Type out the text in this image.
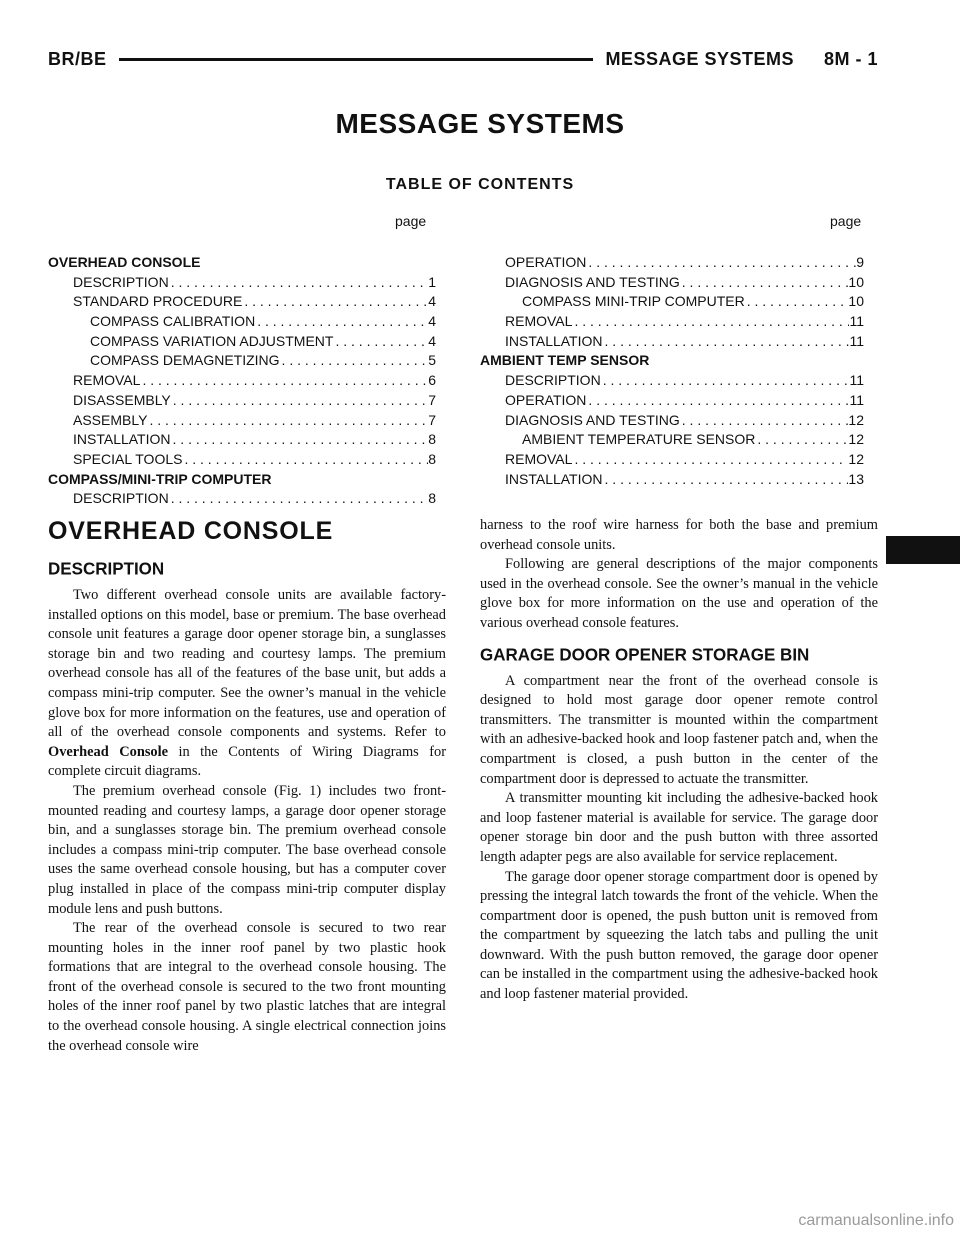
BR/BE	MESSAGE SYSTEMS 8M - 1
MESSAGE SYSTEMS
TABLE OF CONTENTS
page	page
OVERHEAD CONSOLE
DESCRIPTION . . .	1
STANDARD PROCEDURE . . .	4
COMPASS CALIBRATION . . .	4
COMPASS VARIATION ADJUSTMENT . . .	4
COMPASS DEMAGNETIZING . . .	5
REMOVAL . . .	6
DISASSEMBLY . . .	7
ASSEMBLY . . .	7
INSTALLATION . . .	8
SPECIAL TOOLS . . .	8
COMPASS/MINI-TRIP COMPUTER
DESCRIPTION . . .	8
OPERATION . . .	9
DIAGNOSIS AND TESTING . . .	10
COMPASS MINI-TRIP COMPUTER . . .	10
REMOVAL . . .	11
INSTALLATION . . .	11
AMBIENT TEMP SENSOR
DESCRIPTION . . .	11
OPERATION . . .	11
DIAGNOSIS AND TESTING . . .	12
AMBIENT TEMPERATURE SENSOR . . .	12
REMOVAL . . .	12
INSTALLATION . . .	13
OVERHEAD CONSOLE
DESCRIPTION

Two different overhead console units are available factory-installed options on this model, base or premium. The base overhead console unit features a garage door opener storage bin, a sunglasses storage bin and two reading and courtesy lamps. The premium overhead console has all of the features of the base unit, but adds a compass mini-trip computer. See the owner’s manual in the vehicle glove box for more information on the features, use and operation of all of the overhead console components and systems. Refer to Overhead Console in the Contents of Wiring Diagrams for complete circuit diagrams.

The premium overhead console (Fig. 1) includes two front-mounted reading and courtesy lamps, a garage door opener storage bin, and a sunglasses storage bin. The premium overhead console includes a compass mini-trip computer. The base overhead console uses the same overhead console housing, but has a computer cover plug installed in place of the compass mini-trip computer display module lens and push buttons.

The rear of the overhead console is secured to two rear mounting holes in the inner roof panel by two plastic hook formations that are integral to the overhead console housing. The front of the overhead console is secured to the two front mounting holes of the inner roof panel by two plastic latches that are integral to the overhead console housing. A single electrical connection joins the overhead console wire

harness to the roof wire harness for both the base and premium overhead console units.

Following are general descriptions of the major components used in the overhead console. See the owner’s manual in the vehicle glove box for more information on the use and operation of the various overhead console features.

GARAGE DOOR OPENER STORAGE BIN

A compartment near the front of the overhead console is designed to hold most garage door opener remote control transmitters. The transmitter is mounted within the compartment with an adhesive-backed hook and loop fastener patch and, when the compartment is closed, a push button in the center of the compartment door is depressed to actuate the transmitter.

A transmitter mounting kit including the adhesive-backed hook and loop fastener material is available for service. The garage door opener storage bin door and the push button with three assorted length adapter pegs are also available for service replacement.

The garage door opener storage compartment door is opened by pressing the integral latch towards the front of the vehicle. When the compartment door is opened, the push button unit is removed from the compartment by squeezing the latch tabs and pulling the unit downward. With the push button removed, the garage door opener can be installed in the compartment using the adhesive-backed hook and loop fastener material provided.

carmanualsonline.info
